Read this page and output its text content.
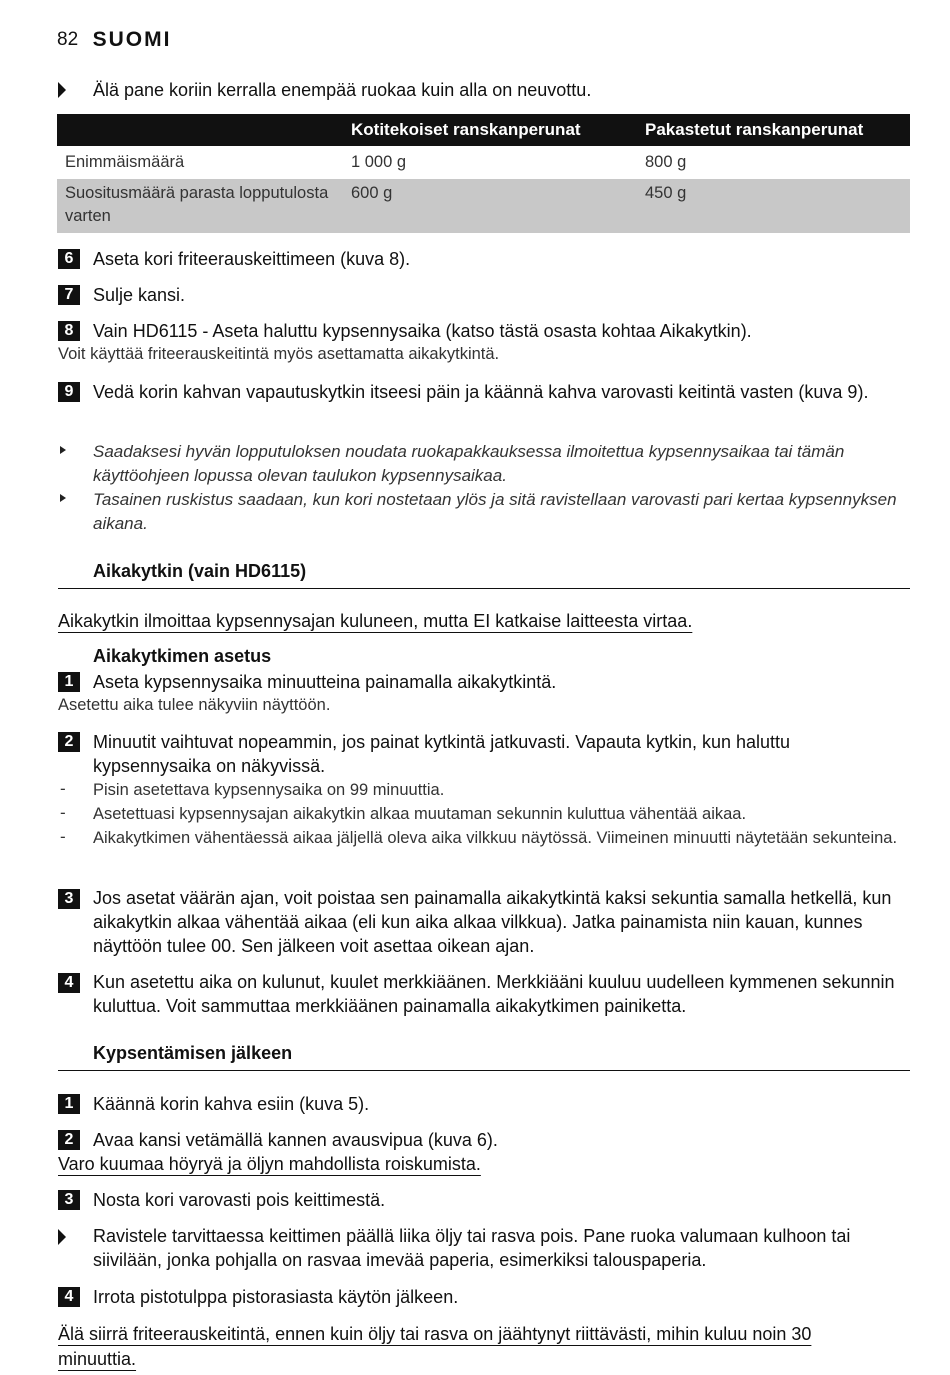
82 SUOMI
Älä pane koriin kerralla enempää ruokaa kuin alla on neuvottu.
	Kotitekoiset ranskanperunat	Pakastetut ranskanperunat
Enimmäismäärä	1 000 g	800 g
Suositusmäärä parasta lopputulosta varten	600 g	450 g
6	Aseta kori friteerauskeittimeen (kuva 8).
7	Sulje kansi.
8	Vain HD6115 - Aseta haluttu kypsennysaika (katso tästä osasta kohtaa Aikakytkin).
Voit käyttää friteerauskeitintä myös asettamatta aikakytkintä.
9	Vedä korin kahvan vapautuskytkin itseesi päin ja käännä kahva varovasti keitintä vasten (kuva 9).
Saadaksesi hyvän lopputuloksen noudata ruokapakkauksessa ilmoitettua kypsennysaikaa tai tämän käyttöohjeen lopussa olevan taulukon kypsennysaikaa.
Tasainen ruskistus saadaan, kun kori nostetaan ylös ja sitä ravistellaan varovasti pari kertaa kypsennyksen aikana.
Aikakytkin (vain HD6115)
Aikakytkin ilmoittaa kypsennysajan kuluneen, mutta EI katkaise laitteesta virtaa.
Aikakytkimen asetus
1	Aseta kypsennysaika minuutteina painamalla aikakytkintä.
Asetettu aika tulee näkyviin näyttöön.
2	Minuutit vaihtuvat nopeammin, jos painat kytkintä jatkuvasti. Vapauta kytkin, kun haluttu kypsennysaika on näkyvissä.
- Pisin asetettava kypsennysaika on 99 minuuttia.
- Asetettuasi kypsennysajan aikakytkin alkaa muutaman sekunnin kuluttua vähentää aikaa.
- Aikakytkimen vähentäessä aikaa jäljellä oleva aika vilkkuu näytössä. Viimeinen minuutti näytetään sekunteina.
3	Jos asetat väärän ajan, voit poistaa sen painamalla aikakytkintä kaksi sekuntia samalla hetkellä, kun aikakytkin alkaa vähentää aikaa (eli kun aika alkaa vilkkua). Jatka painamista niin kauan, kunnes näyttöön tulee 00. Sen jälkeen voit asettaa oikean ajan.
4	Kun asetettu aika on kulunut, kuulet merkkiäänen. Merkkiääni kuuluu uudelleen kymmenen sekunnin kuluttua. Voit sammuttaa merkkiäänen painamalla aikakytkimen painiketta.
Kypsentämisen jälkeen
1	Käännä korin kahva esiin (kuva 5).
2	Avaa kansi vetämällä kannen avausvipua (kuva 6).
Varo kuumaa höyryä ja öljyn mahdollista roiskumista.
3	Nosta kori varovasti pois keittimestä.
Ravistele tarvittaessa keittimen päällä liika öljy tai rasva pois. Pane ruoka valumaan kulhoon tai siivilään, jonka pohjalla on rasvaa imevää paperia, esimerkiksi talouspaperia.
4	Irrota pistotulppa pistorasiasta käytön jälkeen.
Älä siirrä friteerauskeitintä, ennen kuin öljy tai rasva on jäähtynyt riittävästi, mihin kuluu noin 30 minuuttia.
